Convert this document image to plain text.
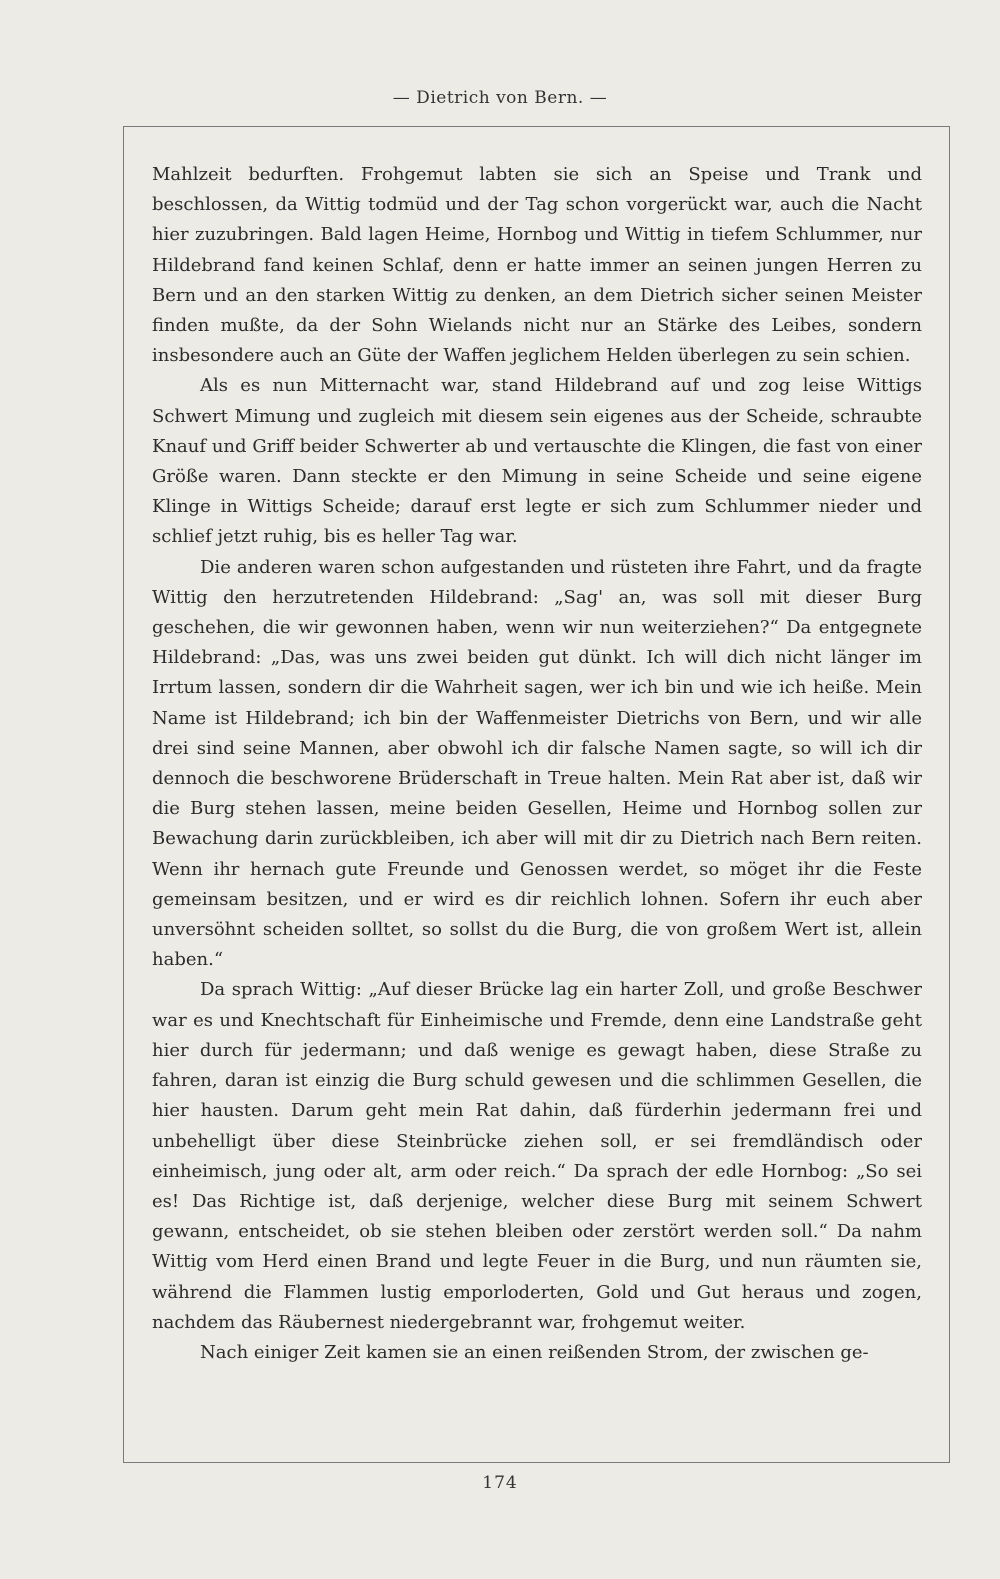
— Dietrich von Bern. —

Mahlzeit bedurften. Frohgemut labten sie sich an Speise und Trank und beschlossen, da Wittig todmüd und der Tag schon vorgerückt war, auch die Nacht hier zuzubringen. Bald lagen Heime, Hornbog und Wittig in tiefem Schlummer, nur Hildebrand fand keinen Schlaf, denn er hatte immer an seinen jungen Herren zu Bern und an den starken Wittig zu denken, an dem Dietrich sicher seinen Meister finden mußte, da der Sohn Wielands nicht nur an Stärke des Leibes, sondern insbesondere auch an Güte der Waffen jeglichem Helden überlegen zu sein schien.

Als es nun Mitternacht war, stand Hildebrand auf und zog leise Wittigs Schwert Mimung und zugleich mit diesem sein eigenes aus der Scheide, schraubte Knauf und Griff beider Schwerter ab und vertauschte die Klingen, die fast von einer Größe waren. Dann steckte er den Mimung in seine Scheide und seine eigene Klinge in Wittigs Scheide; darauf erst legte er sich zum Schlummer nieder und schlief jetzt ruhig, bis es heller Tag war.

Die anderen waren schon aufgestanden und rüsteten ihre Fahrt, und da fragte Wittig den herzutretenden Hildebrand: „Sag' an, was soll mit dieser Burg geschehen, die wir gewonnen haben, wenn wir nun weiterziehen?“ Da entgegnete Hildebrand: „Das, was uns zwei beiden gut dünkt. Ich will dich nicht länger im Irrtum lassen, sondern dir die Wahrheit sagen, wer ich bin und wie ich heiße. Mein Name ist Hildebrand; ich bin der Waffenmeister Dietrichs von Bern, und wir alle drei sind seine Mannen, aber obwohl ich dir falsche Namen sagte, so will ich dir dennoch die beschworene Brüderschaft in Treue halten. Mein Rat aber ist, daß wir die Burg stehen lassen, meine beiden Gesellen, Heime und Hornbog sollen zur Bewachung darin zurückbleiben, ich aber will mit dir zu Dietrich nach Bern reiten. Wenn ihr hernach gute Freunde und Genossen werdet, so möget ihr die Feste gemeinsam besitzen, und er wird es dir reichlich lohnen. Sofern ihr euch aber unversöhnt scheiden solltet, so sollst du die Burg, die von großem Wert ist, allein haben.“

Da sprach Wittig: „Auf dieser Brücke lag ein harter Zoll, und große Beschwer war es und Knechtschaft für Einheimische und Fremde, denn eine Landstraße geht hier durch für jedermann; und daß wenige es gewagt haben, diese Straße zu fahren, daran ist einzig die Burg schuld gewesen und die schlimmen Gesellen, die hier hausten. Darum geht mein Rat dahin, daß fürderhin jedermann frei und unbehelligt über diese Steinbrücke ziehen soll, er sei fremdländisch oder einheimisch, jung oder alt, arm oder reich.“ Da sprach der edle Hornbog: „So sei es! Das Richtige ist, daß derjenige, welcher diese Burg mit seinem Schwert gewann, entscheidet, ob sie stehen bleiben oder zerstört werden soll.“ Da nahm Wittig vom Herd einen Brand und legte Feuer in die Burg, und nun räumten sie, während die Flammen lustig emporloderten, Gold und Gut heraus und zogen, nachdem das Räubernest niedergebrannt war, frohgemut weiter.

Nach einiger Zeit kamen sie an einen reißenden Strom, der zwischen ge-

174
